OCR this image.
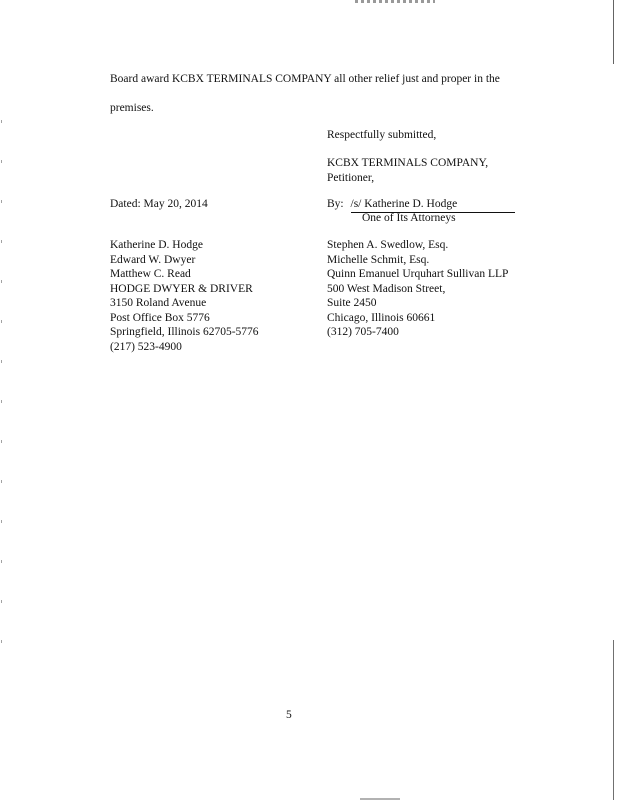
Board award KCBX TERMINALS COMPANY all other relief just and proper in the
premises.
Respectfully submitted,
KCBX TERMINALS COMPANY,
Petitioner,
Dated: May 20, 2014	By: /s/ Katherine D. Hodge
One of Its Attorneys
Katherine D. Hodge
Edward W. Dwyer
Matthew C. Read
HODGE DWYER & DRIVER
3150 Roland Avenue
Post Office Box 5776
Springfield, Illinois 62705-5776
(217) 523-4900
Stephen A. Swedlow, Esq.
Michelle Schmit, Esq.
Quinn Emanuel Urquhart Sullivan LLP
500 West Madison Street,
Suite 2450
Chicago, Illinois 60661
(312) 705-7400
5
